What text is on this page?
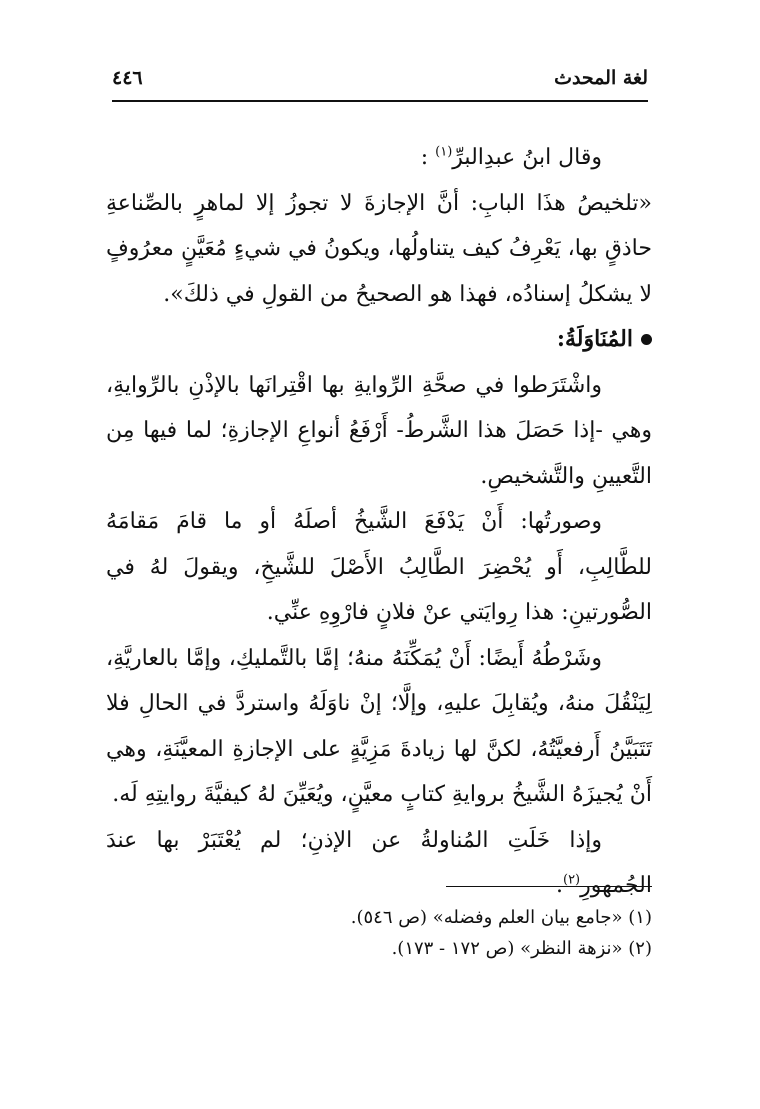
لغة المحدث
٤٤٦

وقال ابنُ عبدِالبرِّ$^{(١)}$ :

«تلخيصُ هذَا البابِ: أنَّ الإجازةَ لا تجوزُ إلا لماهرٍ بالصِّناعةِ حاذقٍ بها، يَعْرِفُ كيف يتناولُها، ويكونُ في شيءٍ مُعَيَّنٍ معرُوفٍ لا يشكلُ إسنادُه، فهذا هو الصحيحُ من القولِ في ذلكَ».

المُنَاوَلَةُ:

واشْتَرَطوا في صحَّةِ الرِّوايةِ بها اقْتِرانَها بالإذْنِ بالرِّوايةِ، وهي -إذا حَصَلَ هذا الشَّرطُ- أَرْفَعُ أنواعِ الإجازةِ؛ لما فيها مِن التَّعيينِ والتَّشخيصِ.

وصورتُها: أَنْ يَدْفَعَ الشَّيخُ أصلَهُ أو ما قامَ مَقامَهُ للطَّالِبِ، أَو يُحْضِرَ الطَّالِبُ الأَصْلَ للشَّيخِ، ويقولَ لهُ في الصُّورتينِ: هذا رِوايَتي عنْ فلانٍ فارْوِهِ عنِّي.

وشَرْطُهُ أَيضًا: أَنْ يُمَكِّنَهُ منهُ؛ إمَّا بالتَّمليكِ، وإمَّا بالعاريَّةِ، لِيَنْقُلَ منهُ، ويُقابِلَ عليهِ، وإلَّا؛ إنْ ناوَلَهُ واستردَّ في الحالِ فلا تَتَبَيَّنُ أَرفعيَّتُهُ، لكنَّ لها زيادةَ مَزِيَّةٍ على الإجازةِ المعيَّنَةِ، وهي أَنْ يُجيزَهُ الشَّيخُ بروايةِ كتابٍ معيَّنٍ، ويُعَيِّنَ لهُ كيفيَّةَ روايتِهِ لَه.

وإذا خَلَتِ المُناولةُ عن الإذنِ؛ لم يُعْتَبَرْ بها عندَ الجُمهورِ$^{(٢)}$.

(١) «جامع بيان العلم وفضله» (ص ٥٤٦).

(٢) «نزهة النظر» (ص ١٧٢ - ١٧٣).
